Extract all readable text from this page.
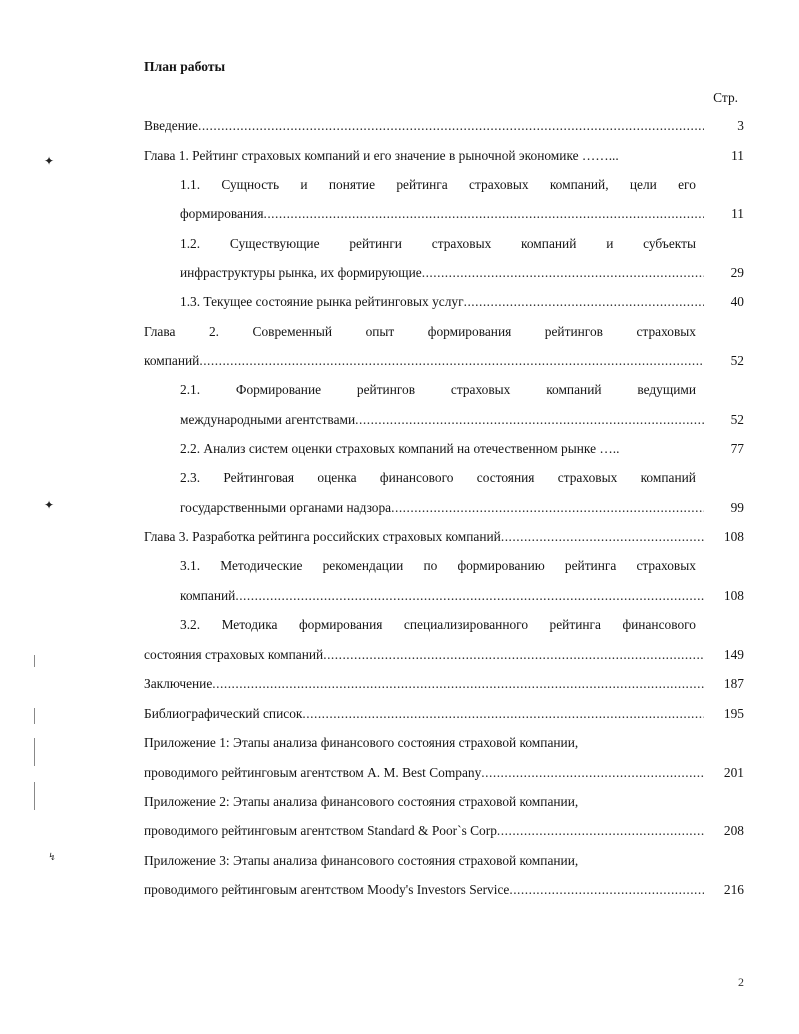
План работы
Стр.
Введение .....	3
Глава 1. Рейтинг страховых компаний и его значение в рыночной экономике ……...	11
1.1. Сущность и понятие рейтинга страховых компаний, цели его
формирования .....	11
1.2. Существующие рейтинги страховых компаний и субъекты
инфраструктуры рынка, их формирующие .....	29
1.3. Текущее состояние рынка рейтинговых услуг .....	40
Глава	2.	Современный	опыт	формирования	рейтингов	страховых
компаний .....	52
2.1.	Формирование	рейтингов	страховых	компаний	ведущими
международными агентствами .....	52
2.2. Анализ систем оценки страховых компаний на отечественном рынке …..	77
2.3. Рейтинговая оценка финансового состояния страховых компаний
государственными органами надзора .....	99
Глава 3. Разработка рейтинга российских страховых компаний .....	108
3.1. Методические рекомендации по формированию рейтинга страховых
компаний .....	108
3.2. Методика формирования специализированного рейтинга финансового
состояния страховых компаний .....	149
Заключение .....	187
Библиографический список .....	195
Приложение 1: Этапы анализа финансового состояния страховой компании,
проводимого рейтинговым агентством A. M. Best Company .....	201
Приложение 2: Этапы анализа финансового состояния страховой компании,
проводимого рейтинговым агентством Standard & Poor`s Corp .....	208
Приложение 3: Этапы анализа финансового состояния страховой компании,
проводимого рейтинговым агентством Moody's Investors Service .....	216
2
✦
✦
↯
